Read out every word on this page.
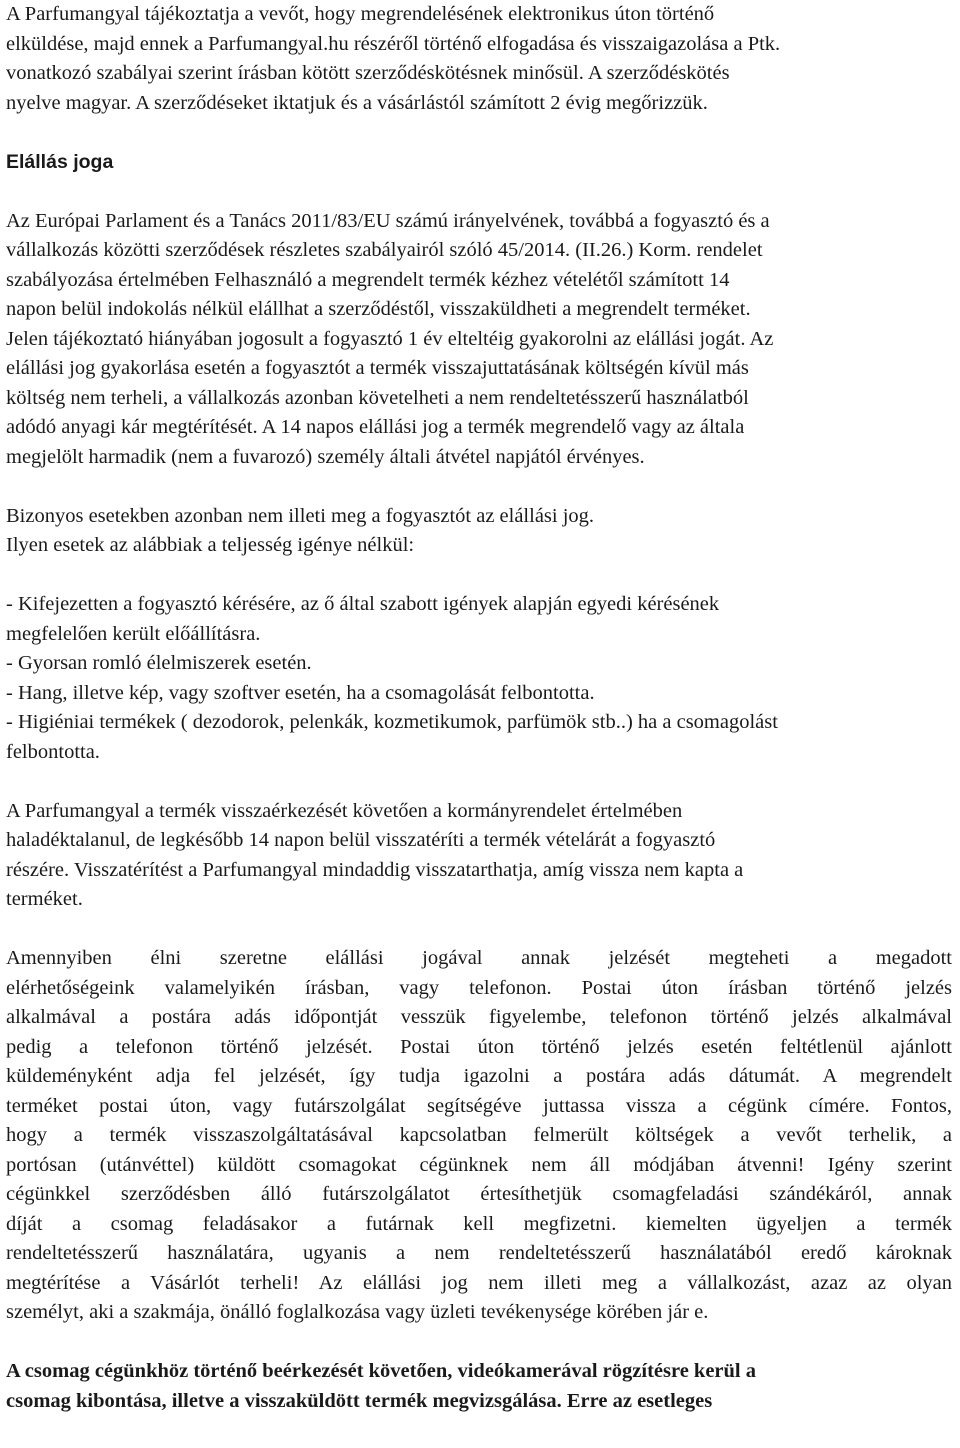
A Parfumangyal tájékoztatja a vevőt, hogy megrendelésének elektronikus úton történő
elküldése, majd ennek a Parfumangyal.hu részéről történő elfogadása és visszaigazolása a Ptk.
vonatkozó szabályai szerint írásban kötött szerződéskötésnek minősül. A szerződéskötés
nyelve magyar. A szerződéseket iktatjuk és a vásárlástól számított 2 évig megőrizzük.
Elállás joga
Az Európai Parlament és a Tanács 2011/83/EU számú irányelvének, továbbá a fogyasztó és a
vállalkozás közötti szerződések részletes szabályairól szóló 45/2014. (II.26.) Korm. rendelet
szabályozása értelmében Felhasználó a megrendelt termék kézhez vételétől számított 14
napon belül indokolás nélkül elállhat a szerződéstől, visszaküldheti a megrendelt terméket.
Jelen tájékoztató hiányában jogosult a fogyasztó 1 év elteltéig gyakorolni az elállási jogát. Az
elállási jog gyakorlása esetén a fogyasztót a termék visszajuttatásának költségén kívül más
költség nem terheli, a vállalkozás azonban követelheti a nem rendeltetésszerű használatból
adódó anyagi kár megtérítését. A 14 napos elállási jog a termék megrendelő vagy az általa
megjelölt harmadik (nem a fuvarozó) személy általi átvétel napjától érvényes.
Bizonyos esetekben azonban nem illeti meg a fogyasztót az elállási jog.
Ilyen esetek az alábbiak a teljesség igénye nélkül:
- Kifejezetten a fogyasztó kérésére, az ő által szabott igények alapján egyedi kérésének
megfelelően került előállításra.
- Gyorsan romló élelmiszerek esetén.
- Hang, illetve kép, vagy szoftver esetén, ha a csomagolását felbontotta.
- Higiéniai termékek ( dezodorok, pelenkák, kozmetikumok, parfümök stb..) ha a csomagolást
felbontotta.
A Parfumangyal a termék visszaérkezését követően a kormányrendelet értelmében
haladéktalanul, de legkésőbb 14 napon belül visszatéríti a termék vételárát a fogyasztó
részére. Visszatérítést a Parfumangyal mindaddig visszatarthatja, amíg vissza nem kapta a
terméket.
Amennyiben élni szeretne elállási jogával annak jelzését megteheti a megadott
elérhetőségeink valamelyikén írásban, vagy telefonon. Postai úton írásban történő jelzés
alkalmával a postára adás időpontját vesszük figyelembe, telefonon történő jelzés alkalmával
pedig a telefonon történő jelzését. Postai úton történő jelzés esetén feltétlenül ajánlott
küldeményként adja fel jelzését, így tudja igazolni a postára adás dátumát. A megrendelt
terméket postai úton, vagy futárszolgálat segítségéve juttassa vissza a cégünk címére. Fontos,
hogy a termék visszaszolgáltatásával kapcsolatban felmerült költségek a vevőt terhelik, a
portósan (utánvéttel) küldött csomagokat cégünknek nem áll módjában átvenni! Igény szerint
cégünkkel szerződésben álló futárszolgálatot értesíthetjük csomagfeladási szándékáról, annak
díját a csomag feladásakor a futárnak kell megfizetni. kiemelten ügyeljen a termék
rendeltetésszerű használatára, ugyanis a nem rendeltetésszerű használatából eredő károknak
megtérítése a Vásárlót terheli! Az elállási jog nem illeti meg a vállalkozást, azaz az olyan
személyt, aki a szakmája, önálló foglalkozása vagy üzleti tevékenysége körében jár e.
A csomag cégünkhöz történő beérkezését követően, videókamerával rögzítésre kerül a
csomag kibontása, illetve a visszaküldött termék megvizsgálása. Erre az esetleges
